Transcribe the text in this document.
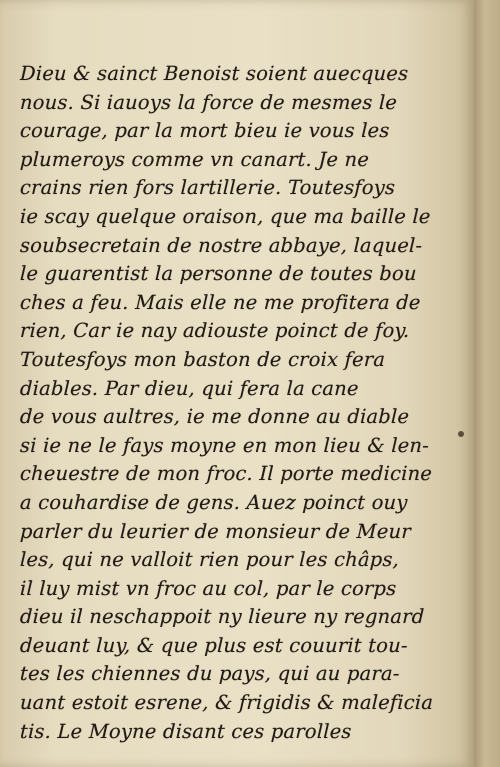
Dieu & sainct Benoist soient auecques
nous. Si iauoys la force de mesmes le
courage, par la mort bieu ie vous les
plumeroys comme vn canart. Je ne
crains rien fors lartillerie. Toutesfoys
ie scay quelque oraison, que ma baille le
soubsecretain de nostre abbaye, laquel-
le guarentist la personne de toutes bou
ches a feu. Mais elle ne me profitera de
rien, Car ie nay adiouste poinct de foy.
Toutesfoys mon baston de croix fera
diables. Par dieu, qui fera la cane
de vous aultres, ie me donne au diable
si ie ne le fays moyne en mon lieu & len-
cheuestre de mon froc. Il porte medicine
a couhardise de gens. Auez poinct ouy
parler du leurier de monsieur de Meur
les, qui ne valloit rien pour les châps,
il luy mist vn froc au col, par le corps
dieu il neschappoit ny lieure ny regnard
deuant luy, & que plus est couurit tou-
tes les chiennes du pays, qui au para-
uant estoit esrene, & frigidis & maleficia
tis. Le Moyne disant ces parolles
